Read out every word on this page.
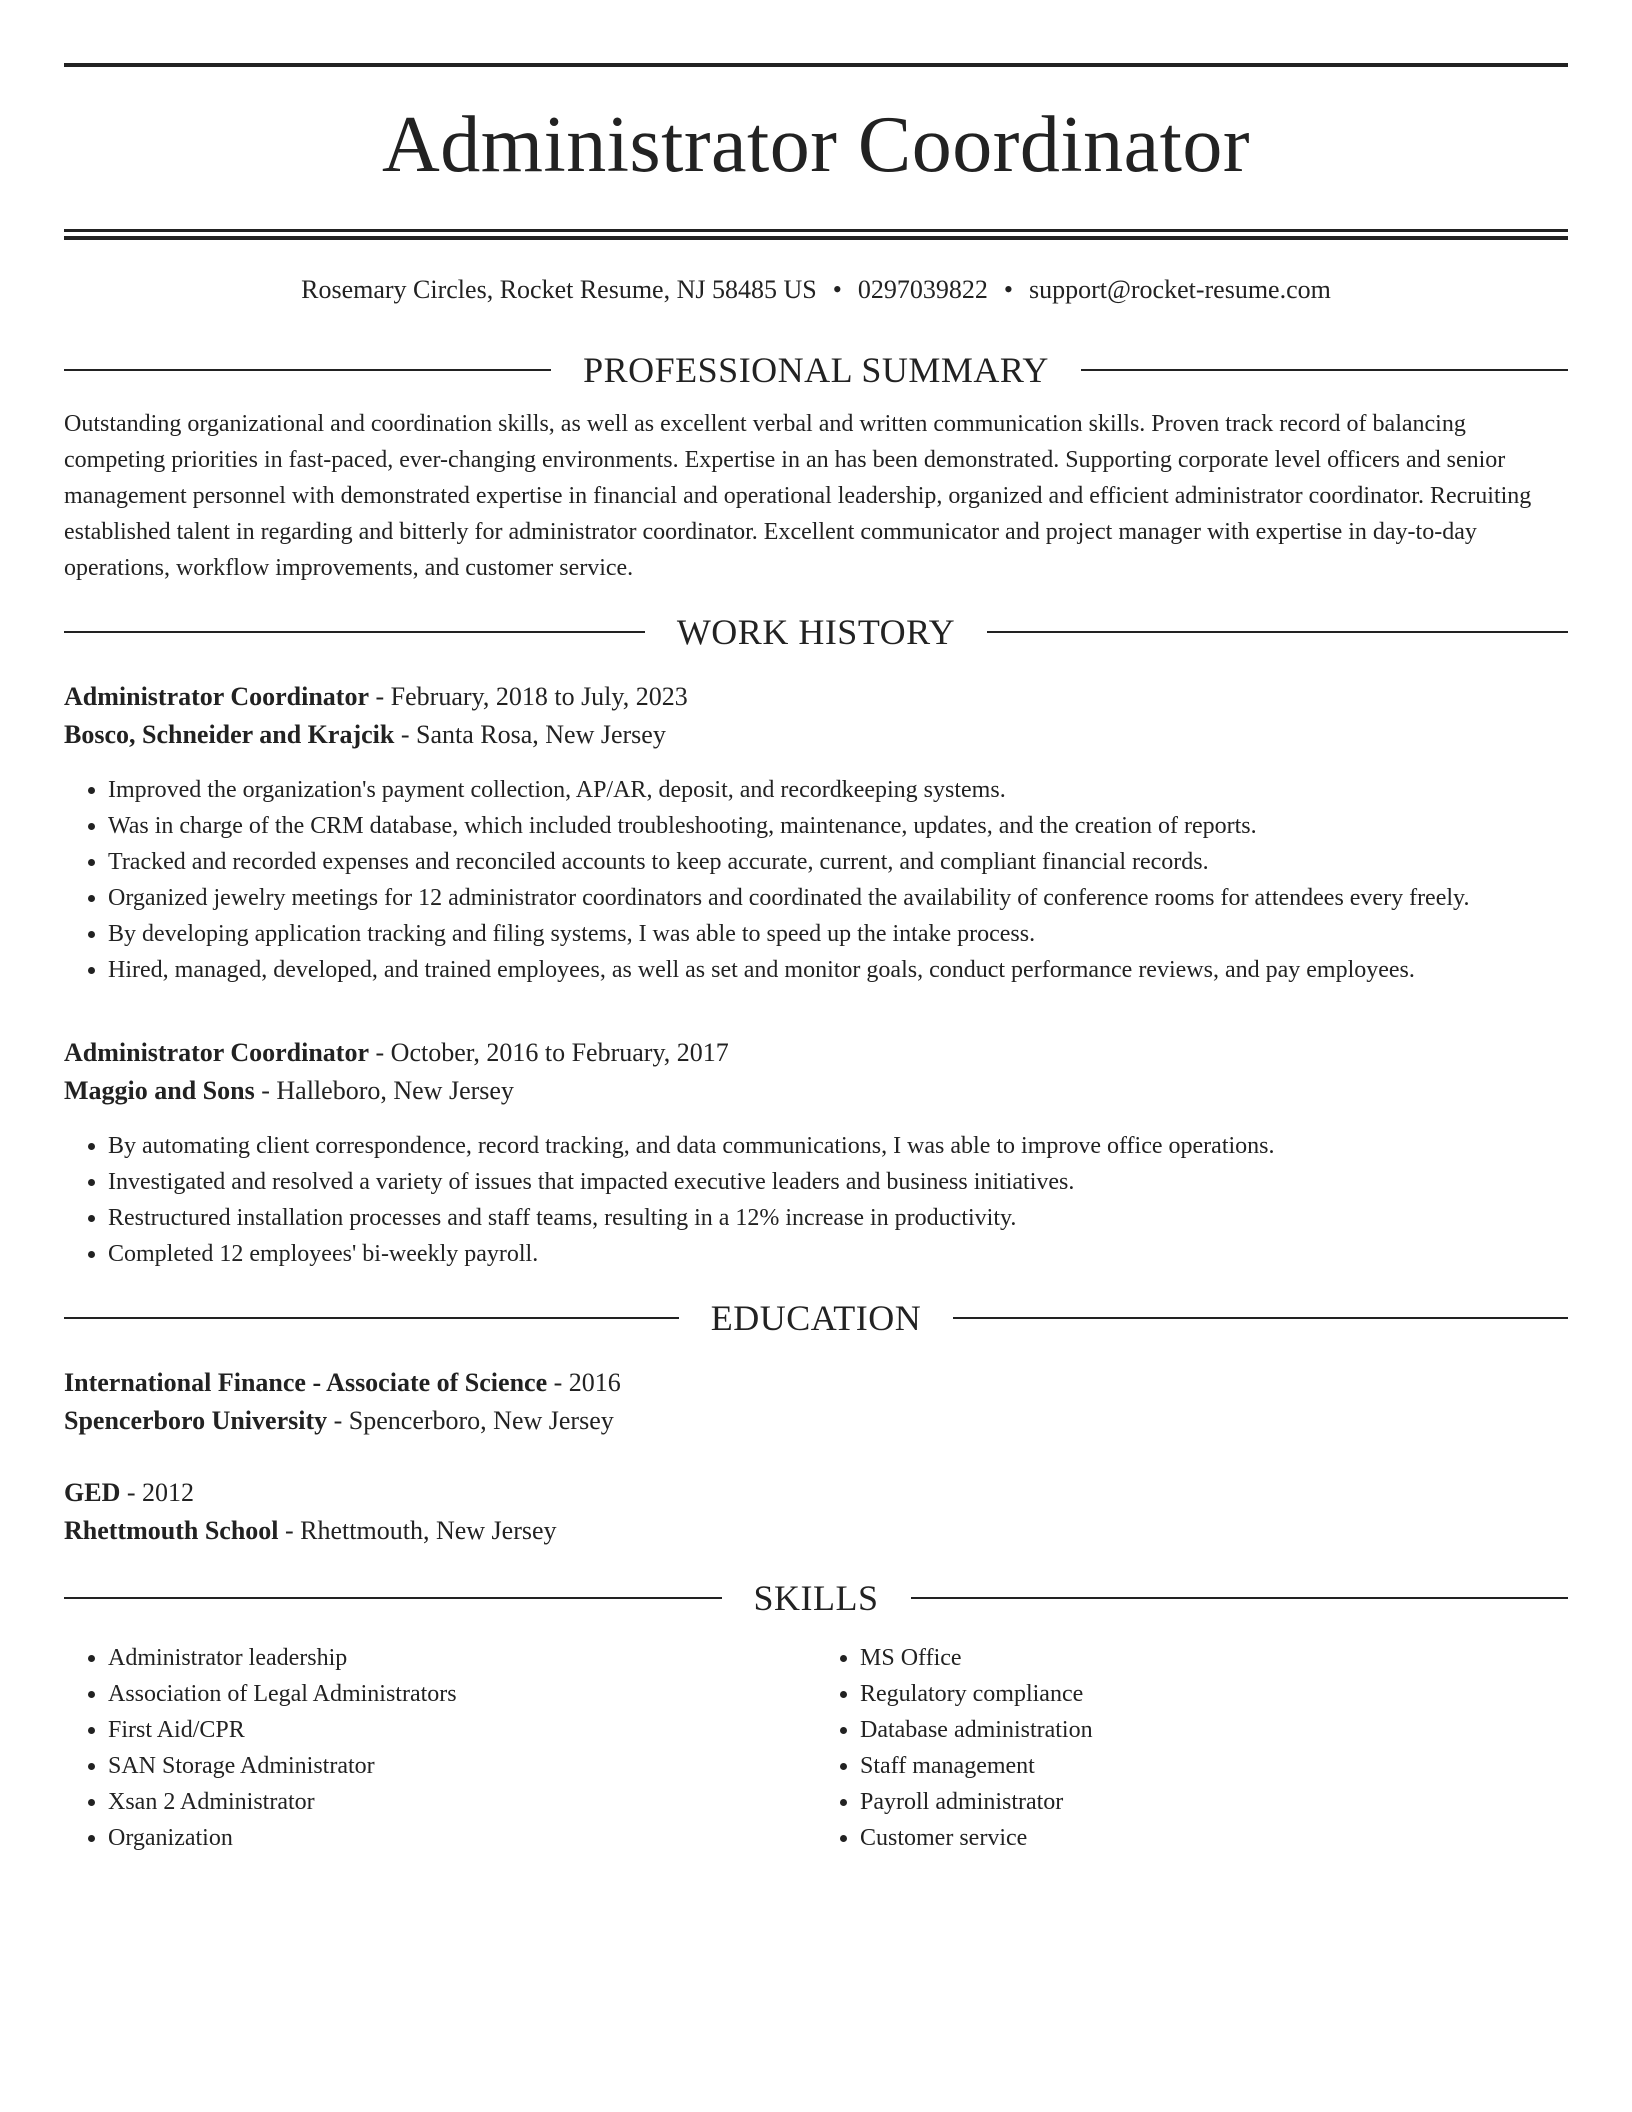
Administrator Coordinator
Rosemary Circles, Rocket Resume, NJ 58485 US • 0297039822 • support@rocket-resume.com
PROFESSIONAL SUMMARY

Outstanding organizational and coordination skills, as well as excellent verbal and written communication skills. Proven track record of balancing competing priorities in fast-paced, ever-changing environments. Expertise in an has been demonstrated. Supporting corporate level officers and senior management personnel with demonstrated expertise in financial and operational leadership, organized and efficient administrator coordinator. Recruiting established talent in regarding and bitterly for administrator coordinator. Excellent communicator and project manager with expertise in day-to-day operations, workflow improvements, and customer service.

WORK HISTORY
Administrator Coordinator - February, 2018 to July, 2023
Bosco, Schneider and Krajcik - Santa Rosa, New Jersey
• Improved the organization's payment collection, AP/AR, deposit, and recordkeeping systems.
• Was in charge of the CRM database, which included troubleshooting, maintenance, updates, and the creation of reports.
• Tracked and recorded expenses and reconciled accounts to keep accurate, current, and compliant financial records.
• Organized jewelry meetings for 12 administrator coordinators and coordinated the availability of conference rooms for attendees every freely.
• By developing application tracking and filing systems, I was able to speed up the intake process.
• Hired, managed, developed, and trained employees, as well as set and monitor goals, conduct performance reviews, and pay employees.
Administrator Coordinator - October, 2016 to February, 2017
Maggio and Sons - Halleboro, New Jersey
• By automating client correspondence, record tracking, and data communications, I was able to improve office operations.
• Investigated and resolved a variety of issues that impacted executive leaders and business initiatives.
• Restructured installation processes and staff teams, resulting in a 12% increase in productivity.
• Completed 12 employees' bi-weekly payroll.
EDUCATION
International Finance - Associate of Science - 2016
Spencerboro University - Spencerboro, New Jersey
GED - 2012
Rhettmouth School - Rhettmouth, New Jersey
SKILLS
• Administrator leadership
• Association of Legal Administrators
• First Aid/CPR
• SAN Storage Administrator
• Xsan 2 Administrator
• Organization
• MS Office
• Regulatory compliance
• Database administration
• Staff management
• Payroll administrator
• Customer service
